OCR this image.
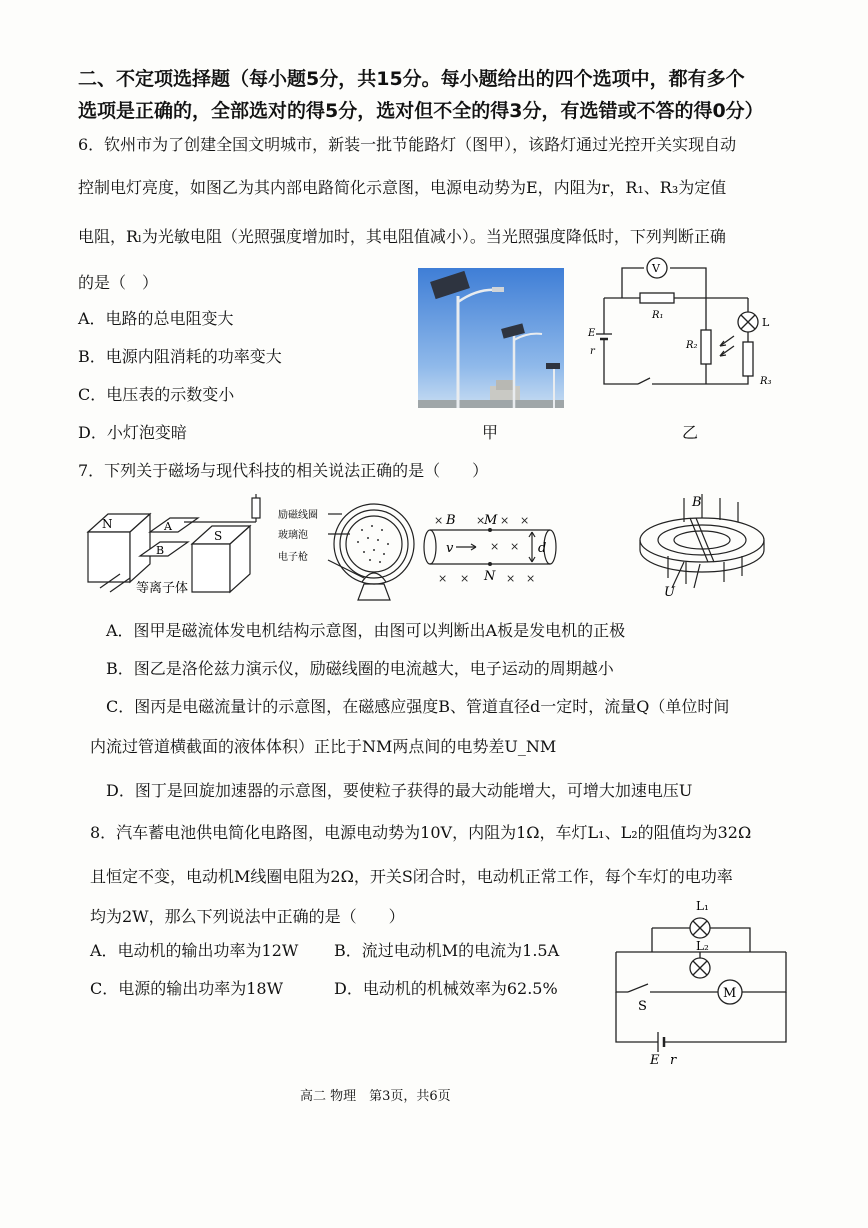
二、不定项选择题（每小题5分，共15分。每小题给出的四个选项中，都有多个
选项是正确的，全部选对的得5分，选对但不全的得3分，有选错或不答的得0分）
6．钦州市为了创建全国文明城市，新装一批节能路灯（图甲），该路灯通过光控开关实现自动
控制电灯亮度，如图乙为其内部电路简化示意图，电源电动势为E，内阻为r，R₁、R₃为定值
电阻，Rₗ为光敏电阻（光照强度增加时，其电阻值减小）。当光照强度降低时，下列判断正确
的是（　）
A．电路的总电阻变大
B．电源内阻消耗的功率变大
C．电压表的示数变小
D．小灯泡变暗	甲
V
R₁
R₂
R₃
E
r
L
乙
7．下列关于磁场与现代科技的相关说法正确的是（　　）
N	A
B
S
等离子体
励磁线圈
玻璃泡
电子枪
×	× × ×
× ×	× ×
× ×
B M
N
v	d
B
U
A．图甲是磁流体发电机结构示意图，由图可以判断出A板是发电机的正极
B．图乙是洛伦兹力演示仪，励磁线圈的电流越大，电子运动的周期越小
C．图丙是电磁流量计的示意图，在磁感应强度B、管道直径d一定时，流量Q（单位时间
内流过管道横截面的液体体积）正比于NM两点间的电势差U_NM
D．图丁是回旋加速器的示意图，要使粒子获得的最大动能增大，可增大加速电压U
8．汽车蓄电池供电简化电路图，电源电动势为10V，内阻为1Ω，车灯L₁、L₂的阻值均为32Ω
且恒定不变，电动机M线圈电阻为2Ω，开关S闭合时，电动机正常工作，每个车灯的电功率
均为2W，那么下列说法中正确的是（　　）
A．电动机的输出功率为12W B．流过电动机M的电流为1.5A
C．电源的输出功率为18W	D．电动机的机械效率为62.5%
L₁
L₂
M
S
E r
高二 物理　第3页，共6页
